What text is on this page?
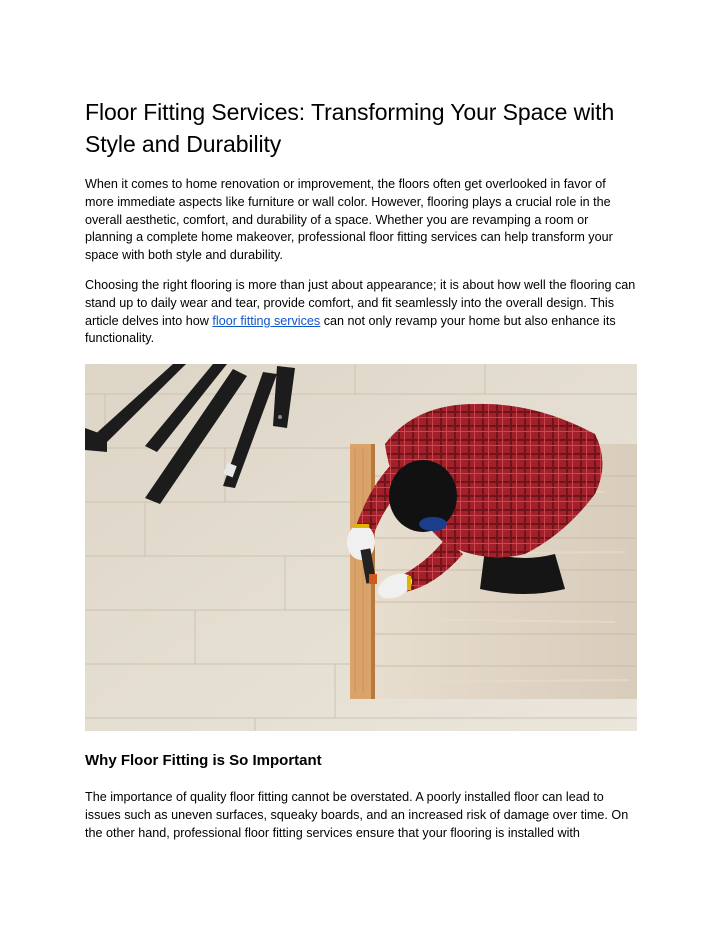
Floor Fitting Services: Transforming Your Space with Style and Durability

When it comes to home renovation or improvement, the floors often get overlooked in favor of more immediate aspects like furniture or wall color. However, flooring plays a crucial role in the overall aesthetic, comfort, and durability of a space. Whether you are revamping a room or planning a complete home makeover, professional floor fitting services can help transform your space with both style and durability.

Choosing the right flooring is more than just about appearance; it is about how well the flooring can stand up to daily wear and tear, provide comfort, and fit seamlessly into the overall design. This article delves into how floor fitting services can not only revamp your home but also enhance its functionality.

Why Floor Fitting is So Important

The importance of quality floor fitting cannot be overstated. A poorly installed floor can lead to issues such as uneven surfaces, squeaky boards, and an increased risk of damage over time. On the other hand, professional floor fitting services ensure that your flooring is installed with
